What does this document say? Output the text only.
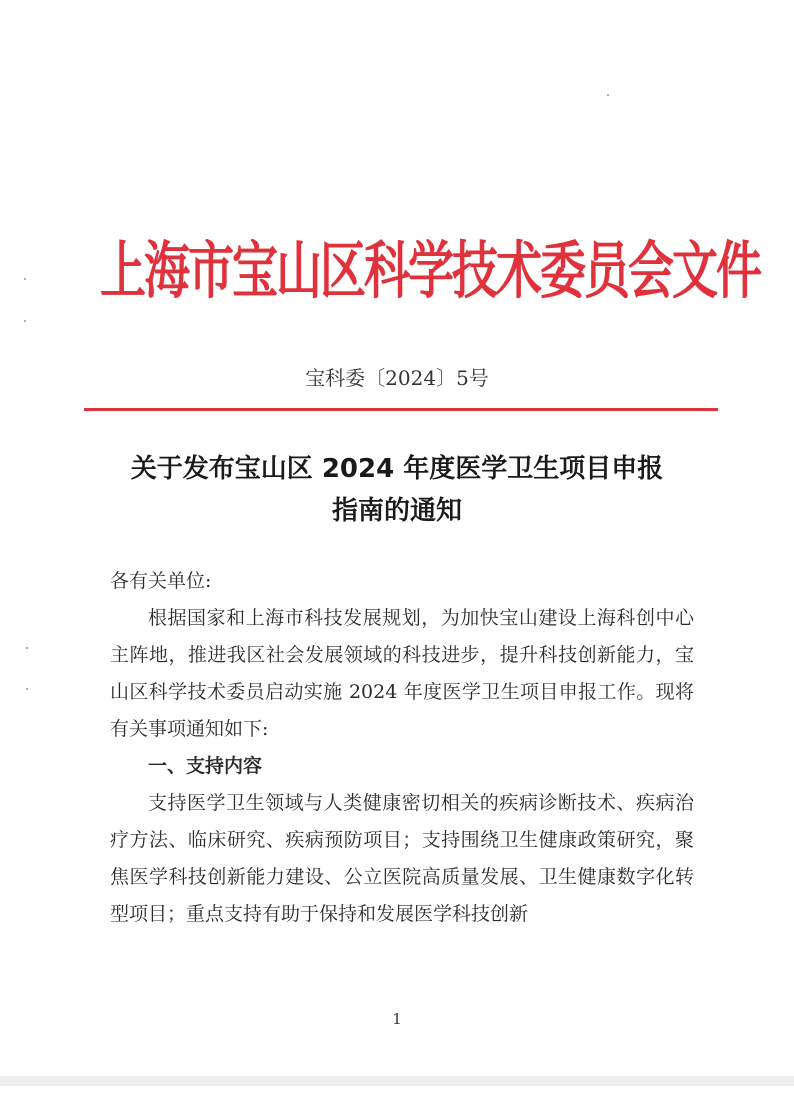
上海市宝山区科学技术委员会文件
宝科委〔2024〕5号
关于发布宝山区 2024 年度医学卫生项目申报
指南的通知

各有关单位:

根据国家和上海市科技发展规划，为加快宝山建设上海科创中心主阵地，推进我区社会发展领域的科技进步，提升科技创新能力，宝山区科学技术委员启动实施 2024 年度医学卫生项目申报工作。现将有关事项通知如下:

一、支持内容

支持医学卫生领域与人类健康密切相关的疾病诊断技术、疾病治疗方法、临床研究、疾病预防项目；支持围绕卫生健康政策研究，聚焦医学科技创新能力建设、公立医院高质量发展、卫生健康数字化转型项目；重点支持有助于保持和发展医学科技创新

1
